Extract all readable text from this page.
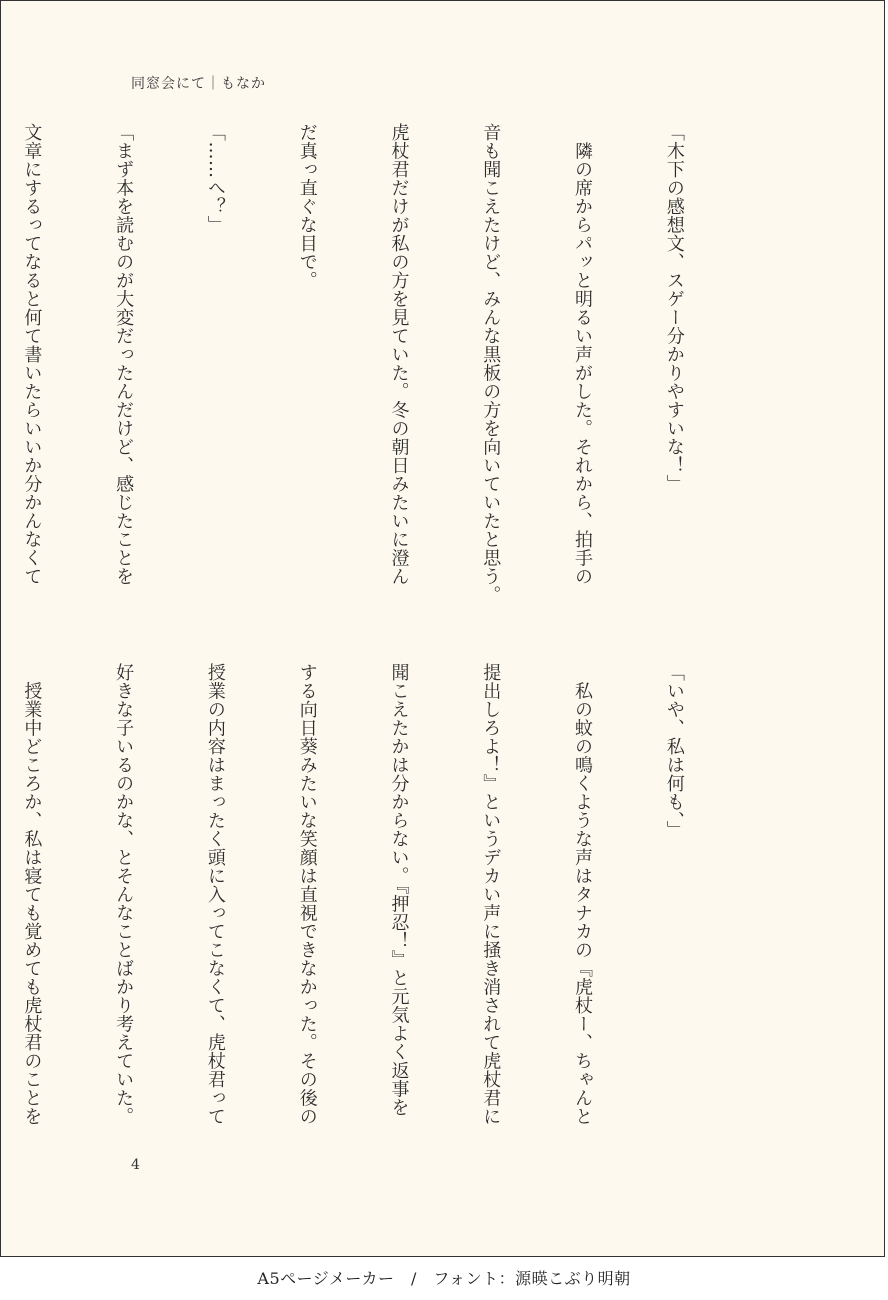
同窓会にて｜もなか

「木下の感想文、スゲー分かりやすいな！」

　隣の席からパッと明るい声がした。それから、拍手の

音も聞こえたけど、みんな黒板の方を向いていたと思う。

虎杖君だけが私の方を見ていた。冬の朝日みたいに澄ん

だ真っ直ぐな目で。

「……へ？」

「まず本を読むのが大変だったんだけど、感じたことを

文章にするってなると何て書いたらいいか分かんなくて

「いや、私は何も、」

　私の蚊の鳴くような声はタナカの『虎杖ー、ちゃんと

提出しろよ！』というデカい声に掻き消されて虎杖君に

聞こえたかは分からない。『押忍！』と元気よく返事を

する向日葵みたいな笑顔は直視できなかった。その後の

授業の内容はまったく頭に入ってこなくて、虎杖君って

好きな子いるのかな、とそんなことばかり考えていた。

　授業中どころか、私は寝ても覚めても虎杖君のことを

4
A5ページメーカー　/　フォント：源暎こぶり明朝
